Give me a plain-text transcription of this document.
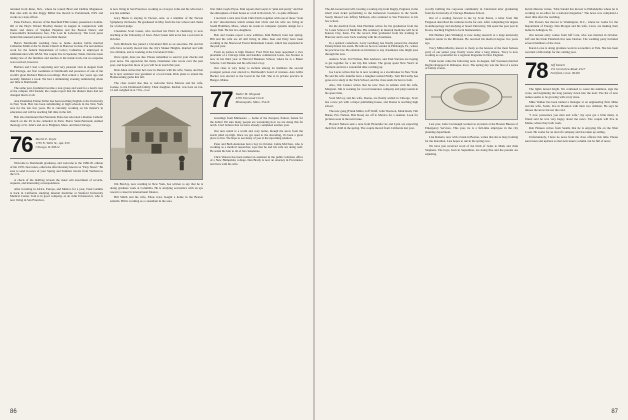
returned from Reno, Nev., where he toured Brad and Debbie Magnuson. Dan also tells us that Peggy Miller has moved to Portsmouth, N.H. and works as a loan officer.

Peter Pacheco, director of the Deerfield Film Center, presented a double-bill at the Hop's Warner Brodley theater in August in conjunction with music and dance of Stephen Hopkins and the Boston Dance and Consortium's Renaissance fare, The Lost & Laboratory. The local press hailed this unusual pairing as excellent theater.

Here's Dartmouth wedding close to home. Andrea Gibbs married Catherine Smith at the St. Denis Church in Hanover in June. Pat and Andrea work for the federal Department of Labor; Catherine is employed in administration with I.B.M. The couple live in Spokane, Wash. Dan has been taking care of the furniture and teaches at the inside track, but no response was received, however.

Barbara and I had a surprising and very pleasant visit in August from Bob Partage, our first roommate at Dartmouth and possessor of one of the world's great Richard Burton recordings. Bob retired a few years ago and recently finished a book. We had a stimulating evening reminiscing about our time at Dartmouth.

The same year, freshman became a tour group and went for a dean's tour of the campus. Old friends; the couple report that the dinners there had not changed much at all.

Ann Penniman Elaine Stiller has been teaching English at the University in New York. Bob has been substituting at high schools in the New York area for the last few years. He is currently working on his master's in education and will be teaching full time in the fall.

Bob also mentioned that Fernando Peleo has relocated a Roman Catholic church on the 29 in the cathedral in Paris. Pierre Saint-Fernando studied theology at St. John's and on to Brighton, Mass. and then Chicago.

76 Martin E. Doyle
1750 N. Wells St., Apt. 810
Chicago, IL 60614

Welcome to Dartmouth graduates, and welcome to the 1980–81 edition of the 1976 class notes, otherwise affectionately known as "Easy Street." Be sure to send in news of your Spring and Summer travels from Vermont to the U.S.

A check of the mailbag reveals the usual odd assortment of records, requests, and interesting correspondence.

After traveling in Africa, Europe, and Mexico for a year, Trent Gamms is back in California studying internal medicine at Stanford University Medical Center. Tom is in good company, as do John Urbanowicz, who is now living in San Francisco.

is now living in San Francisco working as a lawyer. John and his wife had a son last summer.

Gary Burns is staying in Tucson, Ariz. as a member of the Tucson Symphony Orchestra. He graduated in May from the law school and clerks for a federal judge.

Classmate Scott Green, who received his Ph.D. in chemistry, is now teaching at the University of Iowa. Peter Green tells us he has a son born in October.

Tom Michaels has joined a Cleveland firm as an associate. He and his wife have recently moved into the city's Shaker Heights, married and with two children, and is working at the Cleveland Clinic.

Once again, dues are due. Please remember to send in your checks and your news. We appreciate the many classmates who wrote over the past year, and hope that more of you will be in touch this year.

Rick Allen writes that he's now in Denver with his wife, Susan, and that he is now assistant vice president at a local bank. Rick plans to attend the Homecoming game this fall.

The class would also like to welcome Steve Marcus and his wife, Joanne, to the Dartmouth family. Their daughter, Rachel, was born on Jan. 12 and weighed in at 7 lbs., 2 oz.

Jim Barclay, now residing in New York, has written to say that he is doing graduate work at Columbia. He is studying economics with an eye toward a career in international finance.

Bill Smith and his wife, Ellen, have bought a home in the Boston suburbs. Bill is working as a consultant in the area.

first child, Gayle Elyse. Paul reports that Gayle is "pink and pretty" and that the atmosphere of their house as a toll in Norwich, Vt., is quite different.

I received a nice note from Chris Davis together with one of those "look at me" introductions which relates that Chris and his wife are living in South Hamilton, Mass., where he works in computer systems design for a major firm. He has two daughters.

Bob and Joanne report a new addition, Kim Ballard, born last spring. Bill and his wife are all still living in Ohio. Ken and Patty have been working at the Sherwood Forest Retirement Center, which has expanded in the past year.

From us parties is high finance: Fred Wall has been appointed a vice president of a Chicago bank and handles commercial loans. Jon Stacker is now in his third year at Harvard Business School, where he is a Baker Scholar. Carl Daniels and his wife had a boy.

Our class is very lucky to include among its members the second youngest person ever elected to Dartmouth's board of trustees. Ann Gibbs Hecker was elected to the board in the fall. She is in private practice in Bangor, Maine.

77 Walter M. Wiegand
4700 Fairwood Circle
Minneapolis, Minn. 55416

Greetings from Minnesota — home of the cheapest, flattest, fastest for the dollar! I'm sure many people are wondering how we are doing this far north. Can't believe that we have already completed another year.

Our new rental is a warm and cozy home, though the snow from the storm piled up high. Once we got used to the shoveling, it's been a great place to live. We hope to see many of you at the upcoming reunion.

Peter and Beth Anderson had a boy in October. Jamie McClure, who is working as a medical researcher, says that he and his wife are doing well. He sends his best to all of his classmates.

Chris Watson has been named an assistant in the public relations office of a New Hampshire college. Dan Brady is now an attorney in Providence and lives with his wife.

86

The All-Green band will, bearing a touring trip from Rugby, England, in the small town ticket performing to the hometown bookstore in the South. Sorely missed was Jeffrey McKean, who returned to San Francisco to his law school.

On the medical front, Dan Hartman writes for his graduation from the St. Louis School of Medicine. His residency in internal medicine will be in Kansas City, Kans. For the record, Dan graduated from his training in Hanover and is now back working with his classmates.

In a spirited comeback, Larry Goldberg has finally passed the dreaded Pennsylvania bar exam. He tells us he now resides in Pittsburgh, Pa., where he practices law. He extends an invitation to any classmates who might pass through the area.

Andrew Scott, Ted Wilson, Bob Andrews, and Paul Stevens are hoping to get together for a ski trip this winter. The group spent New Year's in Vermont and had a wonderful time catching up.

Joe Lucas writes that he is now working as a stockbroker in New York. He and his wife Jennifer have a daughter named Emily. Tom McCarthy has gone on to study at the Tuck School, and the class sends its best to both.

Also, Jim Connor writes that he now lives in Atlanta with his wife, Margaret. Jim is working for a local insurance company and plays tennis in his spare time.

Scott McCoy and his wife, Donna, are finally settled in Chicago. Scott has a new job with a major publishing house, and Donna is teaching high school.

The new gang (Frank Miller, Jeff Wolff, John Woolson, Mark Rush, Tim Burke, Eric Nelson, Bob Ross) are off to Mexico for a reunion. Look for pictures soon in the next issue.

Howard Nelson sent a note from Honolulu: he and Lynn are expecting their first child in the spring. The couple moved from California last year.

vocally baffling the corporate community in Cincinnati after graduating from the University of Chicago Business School.

Out of a reading forward to me by Scott Peters, a letter from Jim Ferguson described his ventures in the far east. After completing his degree in anthropology and studying at Seoul University, Jim spent the past year in Korea, teaching English to local businessmen.

Jim Holmes (aka Whiskey) is now doing research at a large university medical center in the Midwest. He received his medical degree two years ago.

Tracy Miller-Mertin, known to many as the hostess of the most famous party of our senior year, finally wrote after a long silence. Tracy is now working as a journalist for a regional magazine in New England.

Frank Grant came the following note. In August, Jeff Sorensen married Regina Rappport in Dubuque, Iowa. The spring day was the first of a series of family events.

Last year, John Cavanaugh worked as an intern at the Boston Bureau of Emergency Services. This year, he is a full-time employee in the city planning department.

Lisa Roberts, now with a bank in Boston, writes that she is busy training for the marathon. Lisa hopes to run in the spring race.

We have just received word of the birth of twins to Mark and Julie Stephens. The boys, born in September, are doing fine and the parents are adjusting.

Kevin Duncan writes, "Dan Sandel has moved to Philadelphia where he is working as an editor for a national magazine." The news was completed a short time after the wedding.

Jim Powers has moved to Washington, D.C., where he works for the Department of Energy. Dan Morgan and his wife, Carol, are making their home in Arlington, Va.

Our newest entry comes from Jeff Cole, who was married in October. Jeff and his bride Elizabeth live near Denver. The wedding party included several members of the class.

Karen Lowe is doing graduate work in economics at Yale. She has been awarded a fellowship for the coming year.

78 Jeff Immelt
151 Greenview Road, #127
Fairfield, Conn. 06430

The lights turned bright. We continued to count the numbers, sign the votes, and beginning the long journey down into the next. The list of new names seems to be growing with every issue.

Mike Walker has been named a manager at an engineering firm. Mike and his wife, Sarah, live in Houston with their two children. He says he misses the snow but not the cold.

"I now pronounce you man and wife," my eyes got a little misty. A friend said he was very happy about the news. The couple will live in Maine, where they both work.

Rob Hanson writes from Seattle that he is enjoying life on the West Coast. He works for an aircraft company and has taken up sailing.

Unfortunately, I have no news from the class officers this time. Please send notes and updates so that next issue's column can be full of news.

87
